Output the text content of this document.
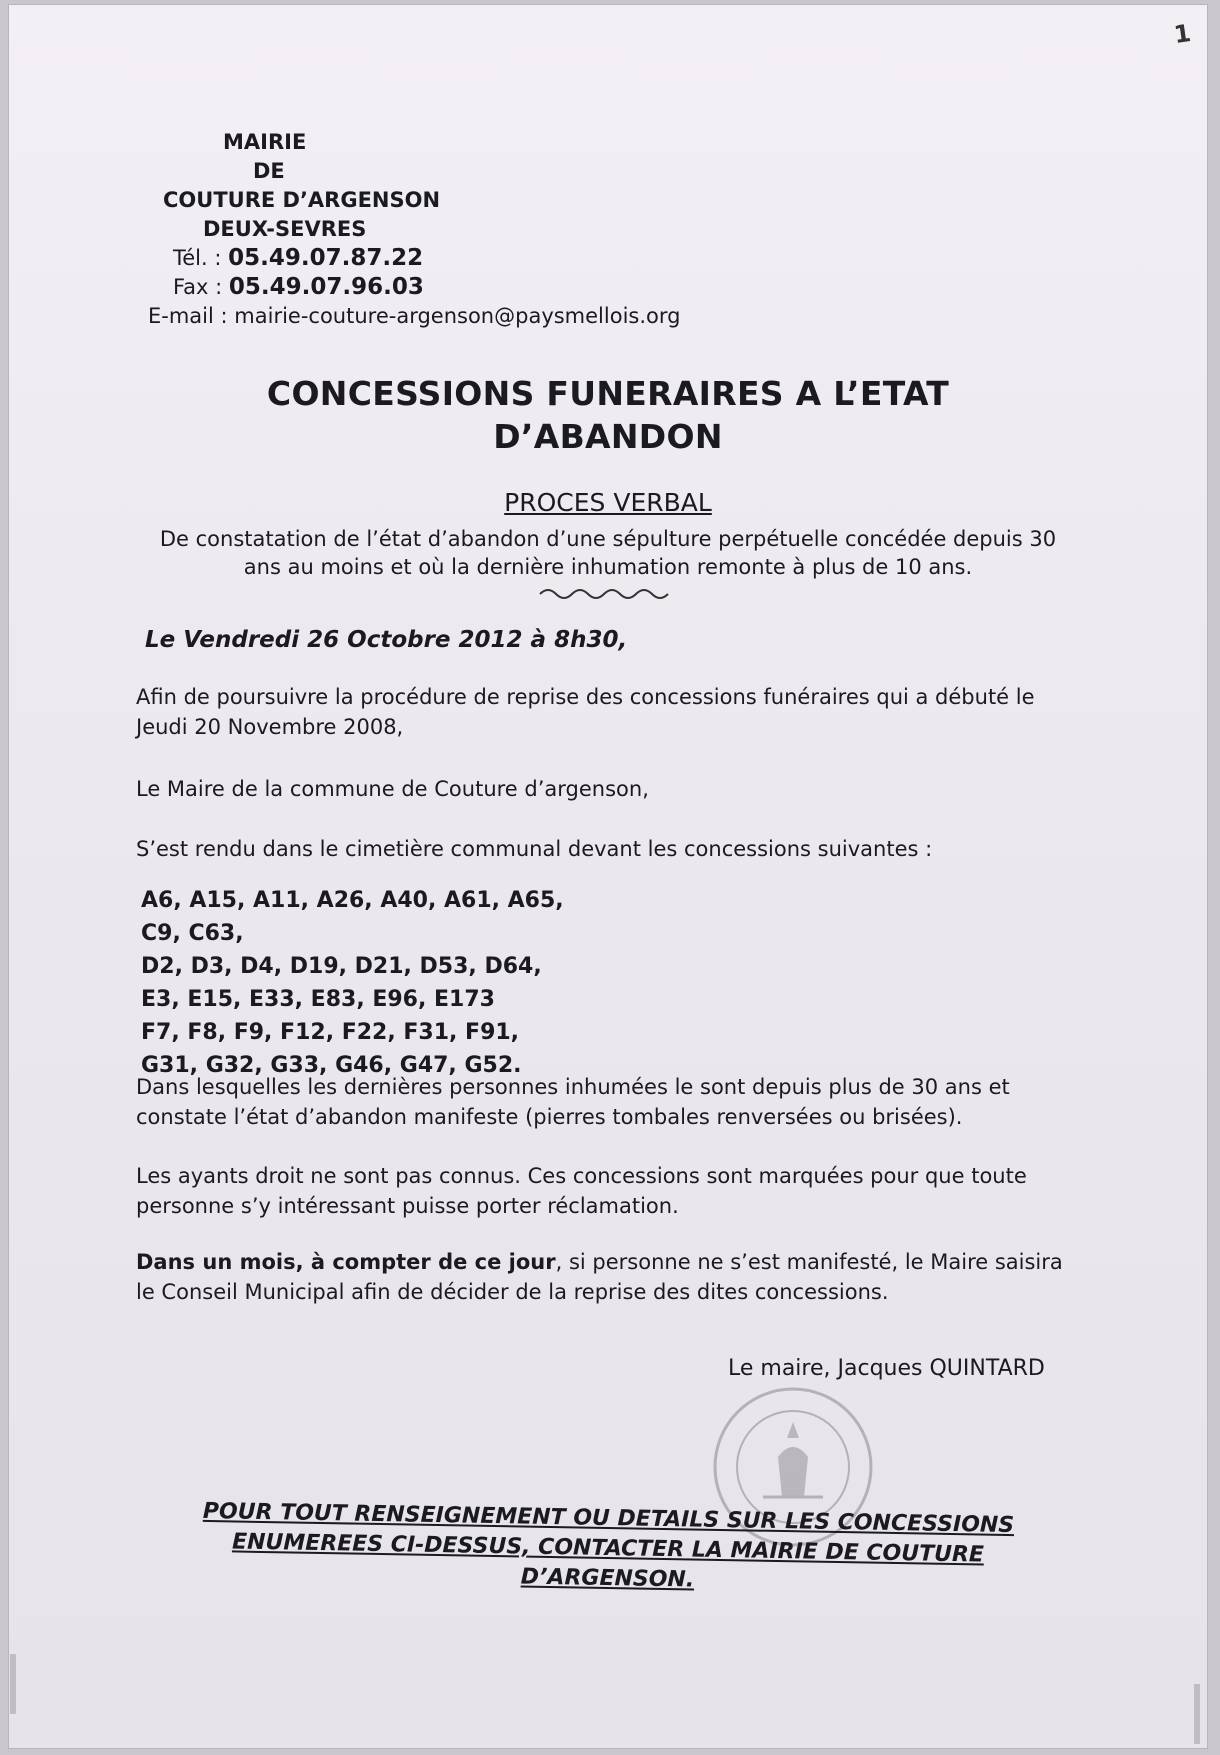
1
MAIRIE
DE
COUTURE D’ARGENSON
DEUX-SEVRES
Tél. : 05.49.07.87.22
Fax : 05.49.07.96.03
E-mail : mairie-couture-argenson@paysmellois.org
CONCESSIONS FUNERAIRES A L’ETAT
D’ABANDON
PROCES VERBAL
De constatation de l’état d’abandon d’une sépulture perpétuelle concédée depuis 30 ans au moins et où la dernière inhumation remonte à plus de 10 ans.
Le Vendredi 26 Octobre 2012 à 8h30,
Afin de poursuivre la procédure de reprise des concessions funéraires qui a débuté le Jeudi 20 Novembre 2008,
Le Maire de la commune de Couture d’argenson,
S’est rendu dans le cimetière communal devant les concessions suivantes :
A6, A15, A11, A26, A40, A61, A65,
C9, C63,
D2, D3, D4, D19, D21, D53, D64,
E3, E15, E33, E83, E96, E173
F7, F8, F9, F12, F22, F31, F91,
G31, G32, G33, G46, G47, G52.
Dans lesquelles les dernières personnes inhumées le sont depuis plus de 30 ans et constate l’état d’abandon manifeste (pierres tombales renversées ou brisées).
Les ayants droit ne sont pas connus. Ces concessions sont marquées pour que toute personne s’y intéressant puisse porter réclamation.
Dans un mois, à compter de ce jour, si personne ne s’est manifesté, le Maire saisira le Conseil Municipal afin de décider de la reprise des dites concessions.
Le maire, Jacques QUINTARD
POUR TOUT RENSEIGNEMENT OU DETAILS SUR LES CONCESSIONS ENUMEREES CI-DESSUS, CONTACTER LA MAIRIE DE COUTURE D’ARGENSON.
